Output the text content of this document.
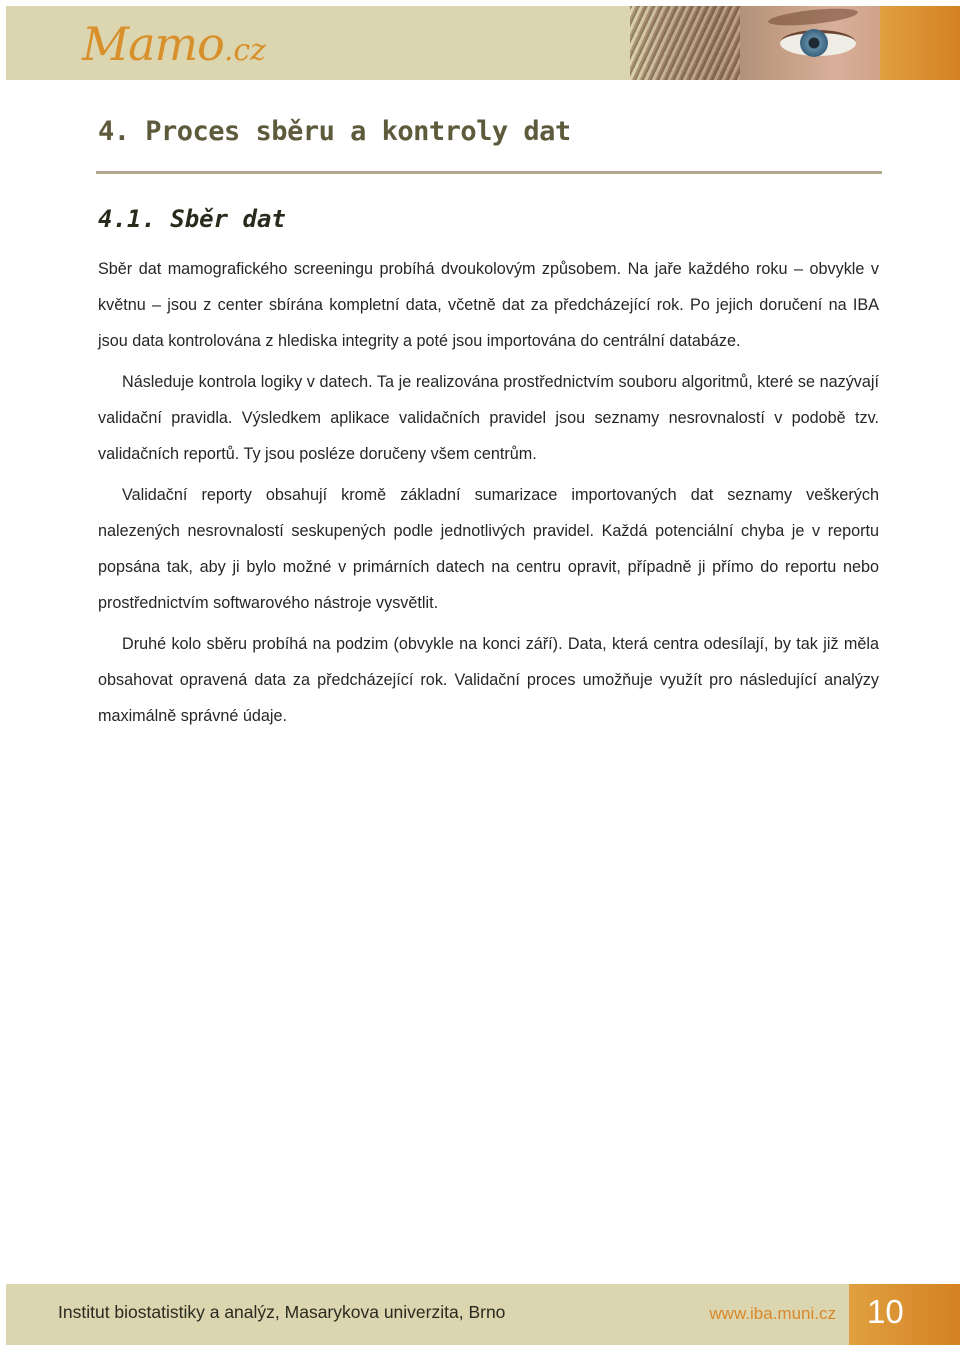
Mamo.cz
4. Proces sběru a kontroly dat
4.1. Sběr dat

Sběr dat mamografického screeningu probíhá dvoukolovým způsobem. Na jaře každého roku – obvykle v květnu – jsou z center sbírána kompletní data, včetně dat za předcházející rok. Po jejich doručení na IBA jsou data kontrolována z hlediska integrity a poté jsou importována do centrální databáze.

Následuje kontrola logiky v datech. Ta je realizována prostřednictvím souboru algoritmů, které se nazývají validační pravidla. Výsledkem aplikace validačních pravidel jsou seznamy nesrovnalostí v podobě tzv. validačních reportů. Ty jsou posléze doručeny všem centrům.

Validační reporty obsahují kromě základní sumarizace importovaných dat seznamy veškerých nalezených nesrovnalostí seskupených podle jednotlivých pravidel. Každá potenciální chyba je v reportu popsána tak, aby ji bylo možné v primárních datech na centru opravit, případně ji přímo do reportu nebo prostřednictvím softwarového nástroje vysvětlit.

Druhé kolo sběru probíhá na podzim (obvykle na konci září). Data, která centra odesílají, by tak již měla obsahovat opravená data za předcházející rok. Validační proces umožňuje využít pro následující analýzy maximálně správné údaje.

Institut biostatistiky a analýz, Masarykova univerzita, Brno	www.iba.muni.cz 10
